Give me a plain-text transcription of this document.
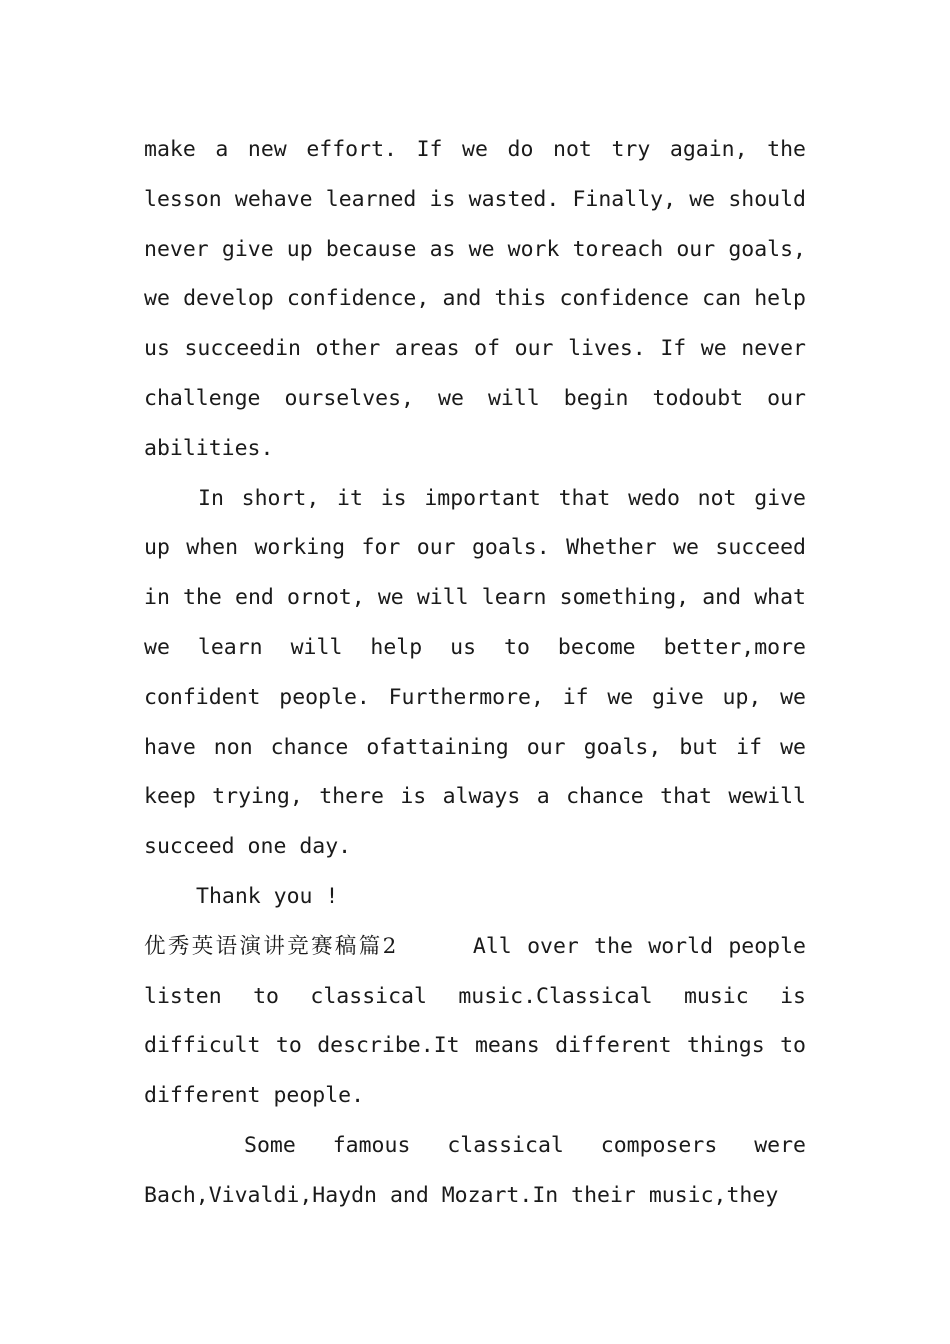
make a new effort. If we do not try again, the lesson wehave learned is wasted. Finally, we should never give up because as we work toreach our goals, we develop confidence, and this confidence can help us succeedin other areas of our lives. If we never challenge ourselves, we will begin todoubt our abilities.

In short, it is important that wedo not give up when working for our goals. Whether we succeed in the end ornot, we will learn something, and what we learn will help us to become better,more confident people. Furthermore, if we give up, we have non chance ofattaining our goals, but if we keep trying, there is always a chance that wewill succeed one day.

Thank you !

优秀英语演讲竞赛稿篇2	All over the world people listen to classical music.Classical music is difficult to describe.It means different things to different people.

Some famous classical composers were Bach,Vivaldi,Haydn and Mozart.In their music,they
